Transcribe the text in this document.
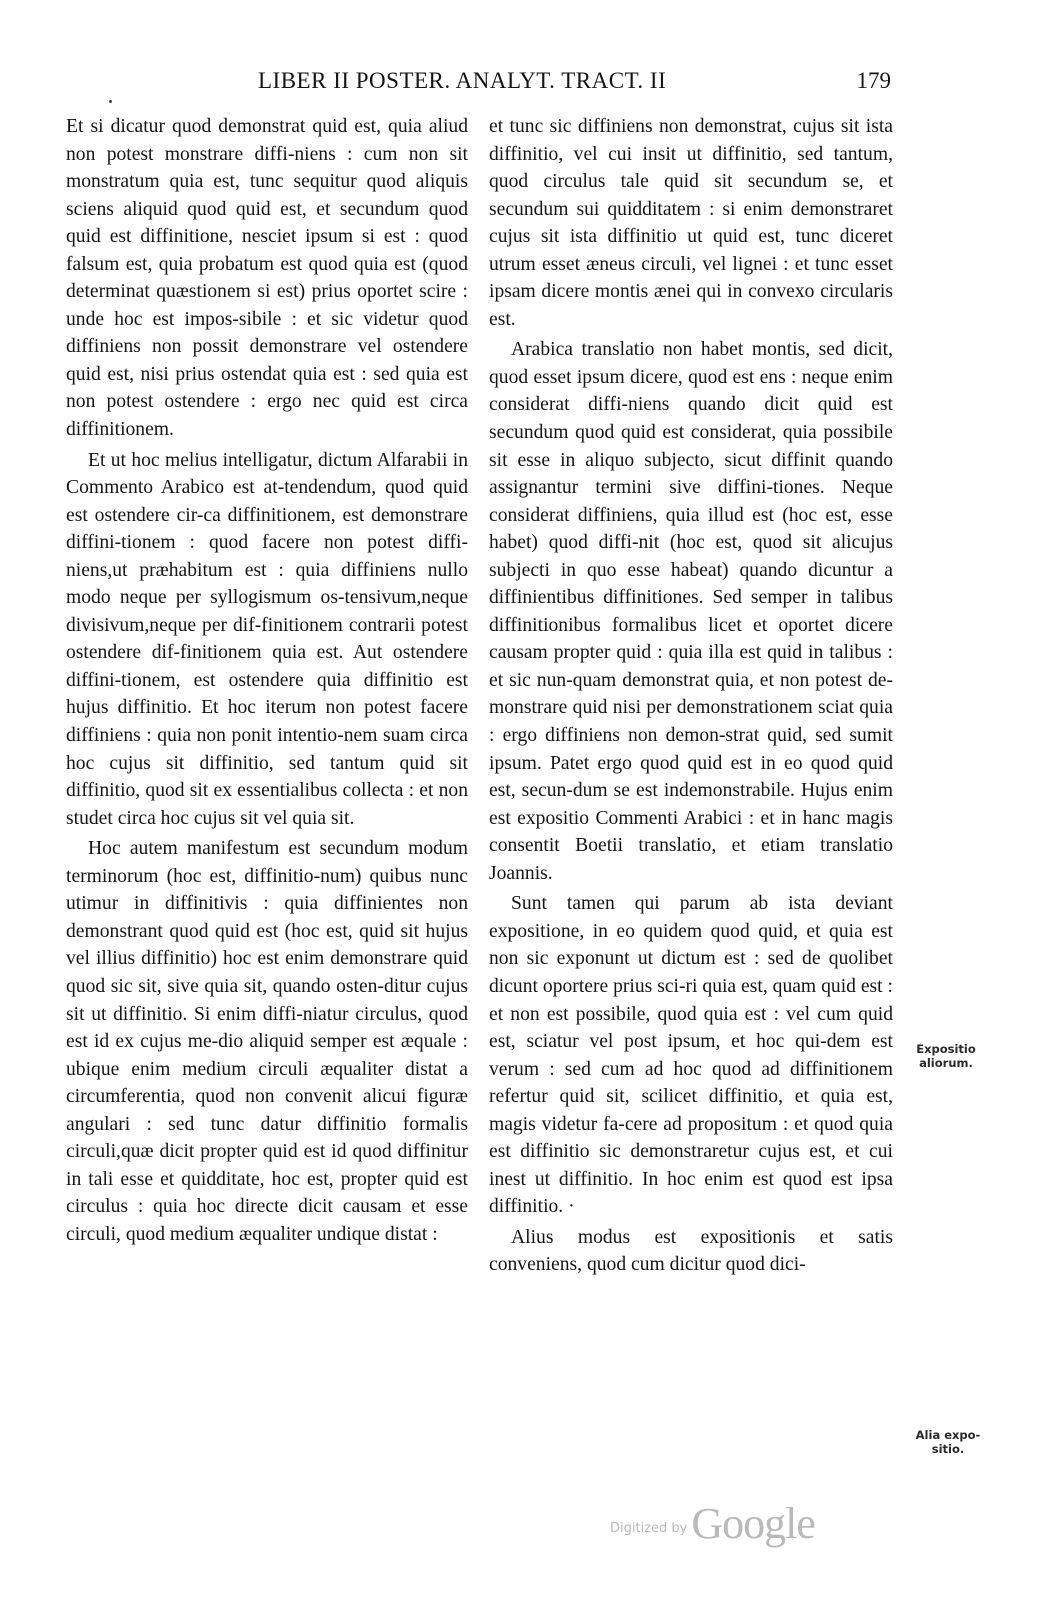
LIBER II POSTER. ANALYT. TRACT. II	179

Et si dicatur quod demonstrat quid est, quia aliud non potest monstrare diffi-niens : cum non sit monstratum quia est, tunc sequitur quod aliquis sciens aliquid quod quid est, et secundum quod quid est diffinitione, nesciet ipsum si est : quod falsum est, quia probatum est quod quia est (quod determinat quæstionem si est) prius oportet scire : unde hoc est impos-sibile : et sic videtur quod diffiniens non possit demonstrare vel ostendere quid est, nisi prius ostendat quia est : sed quia est non potest ostendere : ergo nec quid est circa diffinitionem.

Et ut hoc melius intelligatur, dictum Alfarabii in Commento Arabico est at-tendendum, quod quid est ostendere cir-ca diffinitionem, est demonstrare diffini-tionem : quod facere non potest diffi-niens,ut præhabitum est : quia diffiniens nullo modo neque per syllogismum os-tensivum,neque divisivum,neque per dif-finitionem contrarii potest ostendere dif-finitionem quia est. Aut ostendere diffini-tionem, est ostendere quia diffinitio est hujus diffinitio. Et hoc iterum non potest facere diffiniens : quia non ponit intentio-nem suam circa hoc cujus sit diffinitio, sed tantum quid sit diffinitio, quod sit ex essentialibus collecta : et non studet circa hoc cujus sit vel quia sit.

Hoc autem manifestum est secundum modum terminorum (hoc est, diffinitio-num) quibus nunc utimur in diffinitivis : quia diffinientes non demonstrant quod quid est (hoc est, quid sit hujus vel illius diffinitio) hoc est enim demonstrare quid quod sic sit, sive quia sit, quando osten-ditur cujus sit ut diffinitio. Si enim diffi-niatur circulus, quod est id ex cujus me-dio aliquid semper est æquale : ubique enim medium circuli æqualiter distat a circumferentia, quod non convenit alicui figuræ angulari : sed tunc datur diffinitio formalis circuli,quæ dicit propter quid est id quod diffinitur in tali esse et quidditate, hoc est, propter quid est circulus : quia hoc directe dicit causam et esse circuli, quod medium æqualiter undique distat :

et tunc sic diffiniens non demonstrat, cujus sit ista diffinitio, vel cui insit ut diffinitio, sed tantum, quod circulus tale quid sit secundum se, et secundum sui quidditatem : si enim demonstraret cujus sit ista diffinitio ut quid est, tunc diceret utrum esset æneus circuli, vel lignei : et tunc esset ipsam dicere montis ænei qui in convexo circularis est.

Arabica translatio non habet montis, sed dicit, quod esset ipsum dicere, quod est ens : neque enim considerat diffi-niens quando dicit quid est secundum quod quid est considerat, quia possibile sit esse in aliquo subjecto, sicut diffinit quando assignantur termini sive diffini-tiones. Neque considerat diffiniens, quia illud est (hoc est, esse habet) quod diffi-nit (hoc est, quod sit alicujus subjecti in quo esse habeat) quando dicuntur a diffinientibus diffinitiones. Sed semper in talibus diffinitionibus formalibus licet et oportet dicere causam propter quid : quia illa est quid in talibus : et sic nun-quam demonstrat quia, et non potest de-monstrare quid nisi per demonstrationem sciat quia : ergo diffiniens non demon-strat quid, sed sumit ipsum. Patet ergo quod quid est in eo quod quid est, secun-dum se est indemonstrabile. Hujus enim est expositio Commenti Arabici : et in hanc magis consentit Boetii translatio, et etiam translatio Joannis.

Sunt tamen qui parum ab ista deviant expositione, in eo quidem quod quid, et quia est non sic exponunt ut dictum est : sed de quolibet dicunt oportere prius sci-ri quia est, quam quid est : et non est possibile, quod quia est : vel cum quid est, sciatur vel post ipsum, et hoc qui-dem est verum : sed cum ad hoc quod ad diffinitionem refertur quid sit, scilicet diffinitio, et quia est, magis videtur fa-cere ad propositum : et quod quia est diffinitio sic demonstraretur cujus est, et cui inest ut diffinitio. In hoc enim est quod est ipsa diffinitio. ·

Alius modus est expositionis et satis conveniens, quod cum dicitur quod dici-

Expositio
aliorum.
Alia expo-
sitio.
$^{Digitized by}$ Google
